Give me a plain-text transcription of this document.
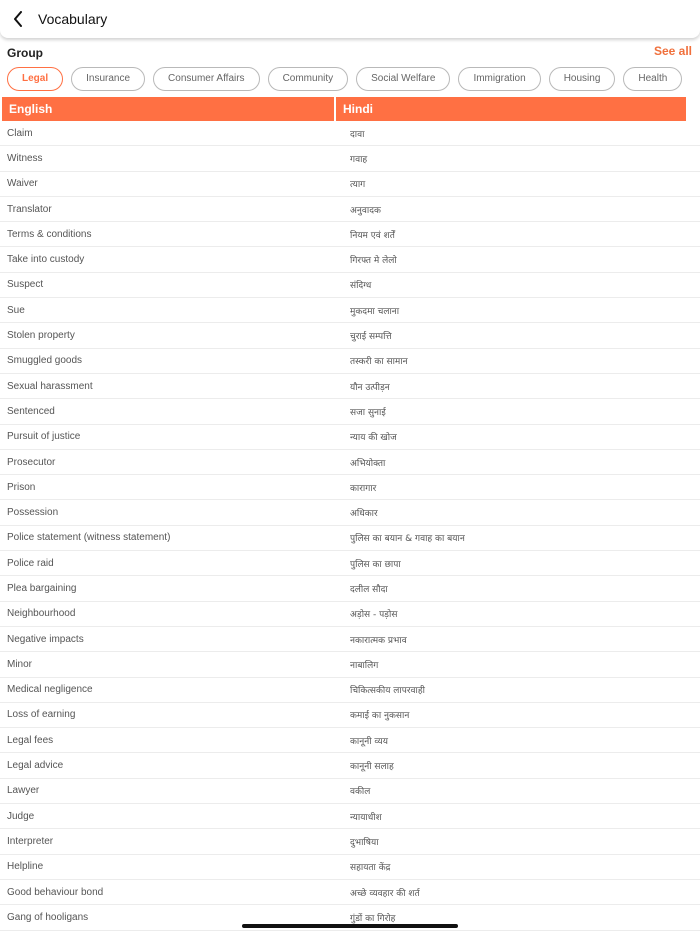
Vocabulary
Group	See all
Legal	Insurance	Consumer Affairs	Community	Social Welfare	Immigration	Housing	Health
English	Hindi
Claim	दावा
Witness	गवाह
Waiver	त्याग
Translator	अनुवादक
Terms & conditions	नियम एवं शर्तें
Take into custody	गिरफ्त मे लेलो
Suspect	संदिग्ध
Sue	मुकदमा चलाना
Stolen property	चुराई सम्पत्ति
Smuggled goods	तस्करी का सामान
Sexual harassment	यौन उत्पीड़न
Sentenced	सजा सुनाई
Pursuit of justice	न्याय की खोज
Prosecutor	अभियोक्ता
Prison	कारागार
Possession	अधिकार
Police statement (witness statement)	पुलिस का बयान & गवाह का बयान
Police raid	पुलिस का छापा
Plea bargaining	दलील सौदा
Neighbourhood	अड़ोस - पड़ोस
Negative impacts	नकारात्मक प्रभाव
Minor	नाबालिग
Medical negligence	चिकित्सकीय लापरवाही
Loss of earning	कमाई का नुकसान
Legal fees	कानूनी व्यय
Legal advice	कानूनी सलाह
Lawyer	वकील
Judge	न्यायाधीश
Interpreter	दुभाषिया
Helpline	सहायता केंद्र
Good behaviour bond	अच्छे व्यवहार की शर्त
Gang of hooligans	गुंडों का गिरोह
